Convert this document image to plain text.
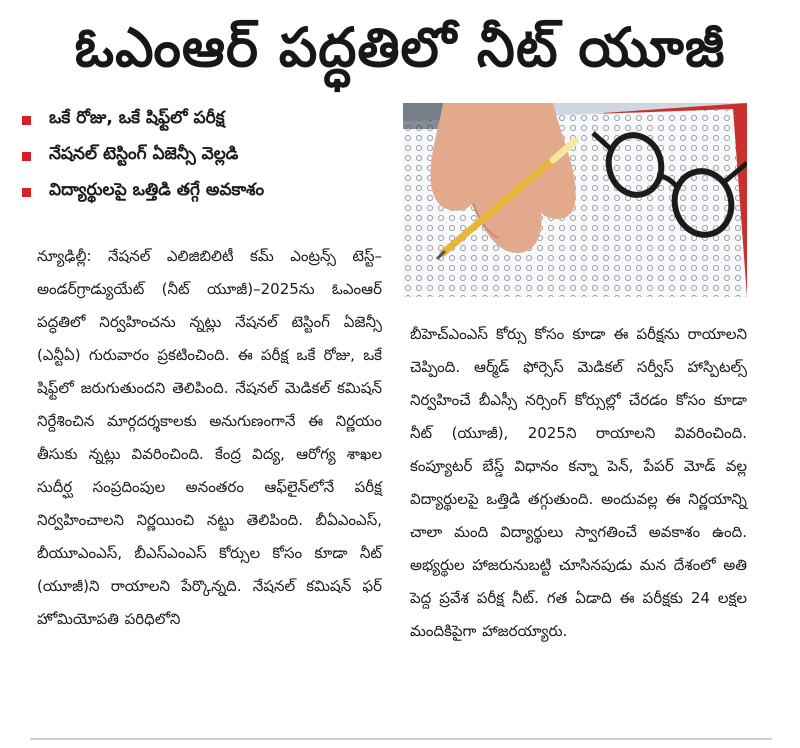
ఓఎంఆర్ పద్ధతిలో నీట్ యూజీ
ఒకే రోజు, ఒకే షిఫ్ట్‌లో పరీక్ష
నేషనల్ టెస్టింగ్ ఏజెన్సీ వెల్లడి
విద్యార్థులపై ఒత్తిడి తగ్గే అవకాశం

న్యూఢిల్లీ: నేషనల్ ఎలిజిబిలిటీ కమ్ ఎంట్రన్స్ టెస్ట్–అండర్‌గ్రాడ్యుయేట్ (నీట్ యూజీ)–2025ను ఓఎంఆర్ పద్ధతిలో నిర్వహించను న్నట్లు నేషనల్ టెస్టింగ్ ఏజెన్సీ (ఎన్టీఏ) గురువారం ప్రకటించింది. ఈ పరీక్ష ఒకే రోజు, ఒకే షిఫ్ట్‌లో జరుగుతుందని తెలిపింది. నేషనల్ మెడికల్ కమిషన్ నిర్దేశించిన మార్గదర్శకాలకు అనుగుణంగానే ఈ నిర్ణయం తీసుకు న్నట్లు వివరించింది. కేంద్ర విద్య, ఆరోగ్య శాఖల సుదీర్ఘ సంప్రదింపుల అనంతరం ఆఫ్‌లైన్‌లోనే పరీక్ష నిర్వహించాలని నిర్ణయించి నట్టు తెలిపింది. బీఏఎంఎస్, బీయూఎంఎస్, బీఎస్ఎంఎస్ కోర్సుల కోసం కూడా నీట్ (యూజీ)ని రాయాలని పేర్కొన్నది. నేషనల్ కమిషన్ ఫర్ హోమియోపతి పరిధిలోని

బీహెచ్ఎంఎస్ కోర్సు కోసం కూడా ఈ పరీక్షను రాయాలని చెప్పింది. ఆర్మ్‌డ్ ఫోర్సెస్ మెడికల్ సర్వీస్ హాస్పిటల్స్ నిర్వహించే బీఎస్సీ నర్సింగ్ కోర్సుల్లో చేరడం కోసం కూడా నీట్ (యూజీ), 2025ని రాయాలని వివరించింది. కంప్యూటర్ బేస్డ్ విధానం కన్నా పెన్, పేపర్ మోడ్ వల్ల విద్యార్థులపై ఒత్తిడి తగ్గుతుంది. అందువల్ల ఈ నిర్ణయాన్ని చాలా మంది విద్యార్థులు స్వాగతించే అవకాశం ఉంది. అభ్యర్థుల హాజరునుబట్టి చూసినపుడు మన దేశంలో అతి పెద్ద ప్రవేశ పరీక్ష నీట్. గత ఏడాది ఈ పరీక్షకు 24 లక్షల మందికిపైగా హాజరయ్యారు.
